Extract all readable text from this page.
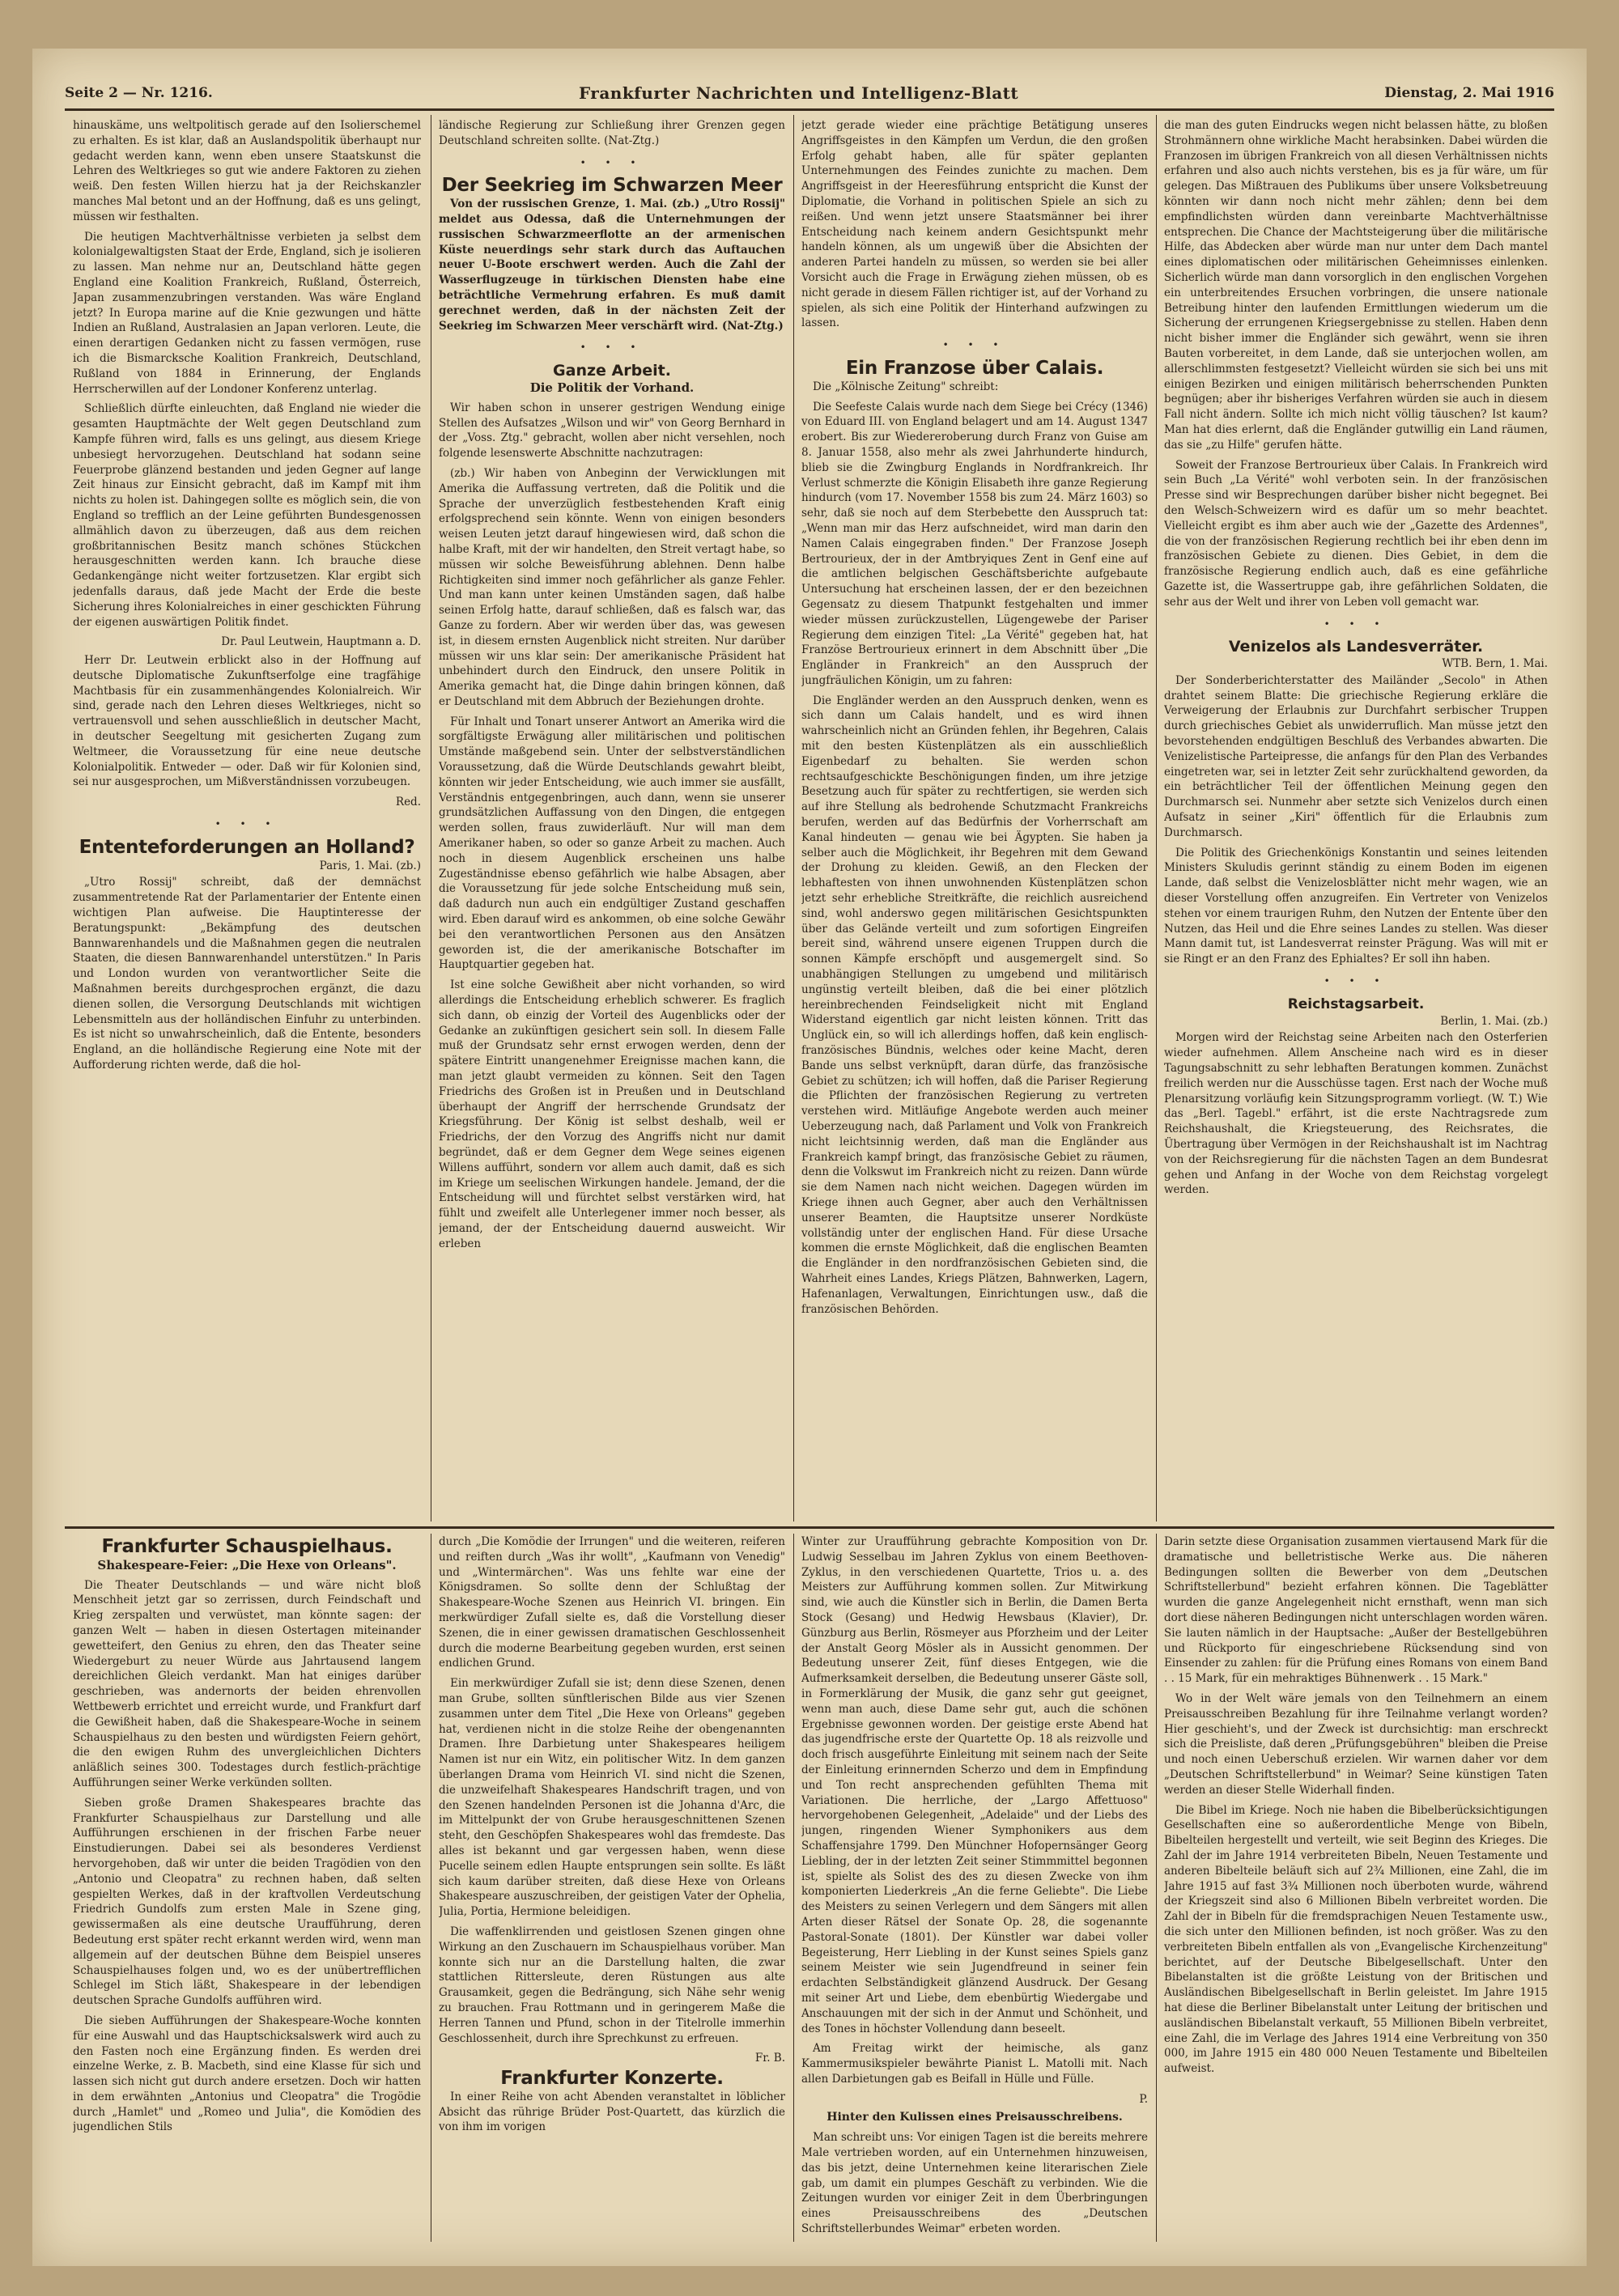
Seite 2 — Nr. 1216.	Frankfurter Nachrichten und Intelligenz-Blatt	Dienstag, 2. Mai 1916

hinauskäme, uns weltpolitisch gerade auf den Isolierschemel zu erhalten. Es ist klar, daß an Auslandspolitik überhaupt nur gedacht werden kann, wenn eben unsere Staatskunst die Lehren des Weltkrieges so gut wie andere Faktoren zu ziehen weiß. Den festen Willen hierzu hat ja der Reichskanzler manches Mal betont und an der Hoffnung, daß es uns gelingt, müssen wir festhalten.

Die heutigen Machtverhältnisse verbieten ja selbst dem kolonialgewaltigsten Staat der Erde, England, sich je isolieren zu lassen. Man nehme nur an, Deutschland hätte gegen England eine Koalition Frankreich, Rußland, Österreich, Japan zusammenzubringen verstanden. Was wäre England jetzt? In Europa marine auf die Knie gezwungen und hätte Indien an Rußland, Australasien an Japan verloren. Leute, die einen derartigen Gedanken nicht zu fassen vermögen, ruse ich die Bismarcksche Koalition Frankreich, Deutschland, Rußland von 1884 in Erinnerung, der Englands Herrscherwillen auf der Londoner Konferenz unterlag.

Schließlich dürfte einleuchten, daß England nie wieder die gesamten Hauptmächte der Welt gegen Deutschland zum Kampfe führen wird, falls es uns gelingt, aus diesem Kriege unbesiegt hervorzugehen. Deutschland hat sodann seine Feuerprobe glänzend bestanden und jeden Gegner auf lange Zeit hinaus zur Einsicht gebracht, daß im Kampf mit ihm nichts zu holen ist. Dahingegen sollte es möglich sein, die von England so trefflich an der Leine geführten Bundesgenossen allmählich davon zu überzeugen, daß aus dem reichen großbritannischen Besitz manch schönes Stückchen herausgeschnitten werden kann. Ich brauche diese Gedankengänge nicht weiter fortzusetzen. Klar ergibt sich jedenfalls daraus, daß jede Macht der Erde die beste Sicherung ihres Kolonialreiches in einer geschickten Führung der eigenen auswärtigen Politik findet.

Dr. Paul Leutwein, Hauptmann a. D.

Herr Dr. Leutwein erblickt also in der Hoffnung auf deutsche Diplomatische Zukunftserfolge eine tragfähige Machtbasis für ein zusammenhängendes Kolonialreich. Wir sind, gerade nach den Lehren dieses Weltkrieges, nicht so vertrauensvoll und sehen ausschließlich in deutscher Macht, in deutscher Seegeltung mit gesicherten Zugang zum Weltmeer, die Voraussetzung für eine neue deutsche Kolonialpolitik. Entweder — oder. Daß wir für Kolonien sind, sei nur ausgesprochen, um Mißverständnissen vorzubeugen.

Red.
• • •
Ententeforderungen an Holland?
Paris, 1. Mai. (zb.)

„Utro Rossij" schreibt, daß der demnächst zusammentretende Rat der Parlamentarier der Entente einen wichtigen Plan aufweise. Die Hauptinteresse der Beratungspunkt: „Bekämpfung des deutschen Bannwarenhandels und die Maßnahmen gegen die neutralen Staaten, die diesen Bannwarenhandel unterstützen." In Paris und London wurden von verantwortlicher Seite die Maßnahmen bereits durchgesprochen ergänzt, die dazu dienen sollen, die Versorgung Deutschlands mit wichtigen Lebensmitteln aus der holländischen Einfuhr zu unterbinden. Es ist nicht so unwahrscheinlich, daß die Entente, besonders England, an die holländische Regierung eine Note mit der Aufforderung richten werde, daß die hol-

ländische Regierung zur Schließung ihrer Grenzen gegen Deutschland schreiten sollte. (Nat-Ztg.)

• • •
Der Seekrieg im Schwarzen Meer

Von der russischen Grenze, 1. Mai. (zb.) „Utro Rossij" meldet aus Odessa, daß die Unternehmungen der russischen Schwarzmeerflotte an der armenischen Küste neuerdings sehr stark durch das Auftauchen neuer U-Boote erschwert werden. Auch die Zahl der Wasserflugzeuge in türkischen Diensten habe eine beträchtliche Vermehrung erfahren. Es muß damit gerechnet werden, daß in der nächsten Zeit der Seekrieg im Schwarzen Meer verschärft wird. (Nat-Ztg.)

• • •
Ganze Arbeit.
Die Politik der Vorhand.

Wir haben schon in unserer gestrigen Wendung einige Stellen des Aufsatzes „Wilson und wir" von Georg Bernhard in der „Voss. Ztg." gebracht, wollen aber nicht versehlen, noch folgende lesenswerte Abschnitte nachzutragen:

(zb.) Wir haben von Anbeginn der Verwicklungen mit Amerika die Auffassung vertreten, daß die Politik und die Sprache der unverzüglich festbestehenden Kraft einig erfolgsprechend sein könnte. Wenn von einigen besonders weisen Leuten jetzt darauf hingewiesen wird, daß schon die halbe Kraft, mit der wir handelten, den Streit vertagt habe, so müssen wir solche Beweisführung ablehnen. Denn halbe Richtigkeiten sind immer noch gefährlicher als ganze Fehler. Und man kann unter keinen Umständen sagen, daß halbe seinen Erfolg hatte, darauf schließen, daß es falsch war, das Ganze zu fordern. Aber wir werden über das, was gewesen ist, in diesem ernsten Augenblick nicht streiten. Nur darüber müssen wir uns klar sein: Der amerikanische Präsident hat unbehindert durch den Eindruck, den unsere Politik in Amerika gemacht hat, die Dinge dahin bringen können, daß er Deutschland mit dem Abbruch der Beziehungen drohte.

Für Inhalt und Tonart unserer Antwort an Amerika wird die sorgfältigste Erwägung aller militärischen und politischen Umstände maßgebend sein. Unter der selbstverständlichen Voraussetzung, daß die Würde Deutschlands gewahrt bleibt, könnten wir jeder Entscheidung, wie auch immer sie ausfällt, Verständnis entgegenbringen, auch dann, wenn sie unserer grundsätzlichen Auffassung von den Dingen, die entgegen werden sollen, fraus zuwiderläuft. Nur will man dem Amerikaner haben, so oder so ganze Arbeit zu machen. Auch noch in diesem Augenblick erscheinen uns halbe Zugeständnisse ebenso gefährlich wie halbe Absagen, aber die Voraussetzung für jede solche Entscheidung muß sein, daß dadurch nun auch ein endgültiger Zustand geschaffen wird. Eben darauf wird es ankommen, ob eine solche Gewähr bei den verantwortlichen Personen aus den Ansätzen geworden ist, die der amerikanische Botschafter im Hauptquartier gegeben hat.

Ist eine solche Gewißheit aber nicht vorhanden, so wird allerdings die Entscheidung erheblich schwerer. Es fraglich sich dann, ob einzig der Vorteil des Augenblicks oder der Gedanke an zukünftigen gesichert sein soll. In diesem Falle muß der Grundsatz sehr ernst erwogen werden, denn der spätere Eintritt unangenehmer Ereignisse machen kann, die man jetzt glaubt vermeiden zu können. Seit den Tagen Friedrichs des Großen ist in Preußen und in Deutschland überhaupt der Angriff der herrschende Grundsatz der Kriegsführung. Der König ist selbst deshalb, weil er Friedrichs, der den Vorzug des Angriffs nicht nur damit begründet, daß er dem Gegner dem Wege seines eigenen Willens aufführt, sondern vor allem auch damit, daß es sich im Kriege um seelischen Wirkungen handele. Jemand, der die Entscheidung will und fürchtet selbst verstärken wird, hat fühlt und zweifelt alle Unterlegener immer noch besser, als jemand, der der Entscheidung dauernd ausweicht. Wir erleben

jetzt gerade wieder eine prächtige Betätigung unseres Angriffsgeistes in den Kämpfen um Verdun, die den großen Erfolg gehabt haben, alle für später geplanten Unternehmungen des Feindes zunichte zu machen. Dem Angriffsgeist in der Heeresführung entspricht die Kunst der Diplomatie, die Vorhand in politischen Spiele an sich zu reißen. Und wenn jetzt unsere Staatsmänner bei ihrer Entscheidung nach keinem andern Gesichtspunkt mehr handeln können, als um ungewiß über die Absichten der anderen Partei handeln zu müssen, so werden sie bei aller Vorsicht auch die Frage in Erwägung ziehen müssen, ob es nicht gerade in diesem Fällen richtiger ist, auf der Vorhand zu spielen, als sich eine Politik der Hinterhand aufzwingen zu lassen.

• • •
Ein Franzose über Calais.

Die „Kölnische Zeitung" schreibt:

Die Seefeste Calais wurde nach dem Siege bei Crécy (1346) von Eduard III. von England belagert und am 14. August 1347 erobert. Bis zur Wiedereroberung durch Franz von Guise am 8. Januar 1558, also mehr als zwei Jahrhunderte hindurch, blieb sie die Zwingburg Englands in Nordfrankreich. Ihr Verlust schmerzte die Königin Elisabeth ihre ganze Regierung hindurch (vom 17. November 1558 bis zum 24. März 1603) so sehr, daß sie noch auf dem Sterbebette den Ausspruch tat: „Wenn man mir das Herz aufschneidet, wird man darin den Namen Calais eingegraben finden." Der Franzose Joseph Bertrourieux, der in der Amtbryiques Zent in Genf eine auf die amtlichen belgischen Geschäftsberichte aufgebaute Untersuchung hat erscheinen lassen, der er den bezeichnen Gegensatz zu diesem Thatpunkt festgehalten und immer wieder müssen zurückzustellen, Lügengewebe der Pariser Regierung dem einzigen Titel: „La Vérité" gegeben hat, hat Französe Bertrourieux erinnert in dem Abschnitt über „Die Engländer in Frankreich" an den Ausspruch der jungfräulichen Königin, um zu fahren:

Die Engländer werden an den Ausspruch denken, wenn es sich dann um Calais handelt, und es wird ihnen wahrscheinlich nicht an Gründen fehlen, ihr Begehren, Calais mit den besten Küstenplätzen als ein ausschließlich Eigenbedarf zu behalten. Sie werden schon rechtsaufgeschickte Beschönigungen finden, um ihre jetzige Besetzung auch für später zu rechtfertigen, sie werden sich auf ihre Stellung als bedrohende Schutzmacht Frankreichs berufen, werden auf das Bedürfnis der Vorherrschaft am Kanal hindeuten — genau wie bei Ägypten. Sie haben ja selber auch die Möglichkeit, ihr Begehren mit dem Gewand der Drohung zu kleiden. Gewiß, an den Flecken der lebhaftesten von ihnen unwohnenden Küstenplätzen schon jetzt sehr erhebliche Streitkräfte, die reichlich ausreichend sind, wohl anderswo gegen militärischen Gesichtspunkten über das Gelände verteilt und zum sofortigen Eingreifen bereit sind, während unsere eigenen Truppen durch die sonnen Kämpfe erschöpft und ausgemergelt sind. So unabhängigen Stellungen zu umgebend und militärisch ungünstig verteilt bleiben, daß die bei einer plötzlich hereinbrechenden Feindseligkeit nicht mit England Widerstand eigentlich gar nicht leisten können. Tritt das Unglück ein, so will ich allerdings hoffen, daß kein englisch-französisches Bündnis, welches oder keine Macht, deren Bande uns selbst verknüpft, daran dürfe, das französische Gebiet zu schützen; ich will hoffen, daß die Pariser Regierung die Pflichten der französischen Regierung zu vertreten verstehen wird. Mitläufige Angebote werden auch meiner Ueberzeugung nach, daß Parlament und Volk von Frankreich nicht leichtsinnig werden, daß man die Engländer aus Frankreich kampf bringt, das französische Gebiet zu räumen, denn die Volkswut im Frankreich nicht zu reizen. Dann würde sie dem Namen nach nicht weichen. Dagegen würden im Kriege ihnen auch Gegner, aber auch den Verhältnissen unserer Beamten, die Hauptsitze unserer Nordküste vollständig unter der englischen Hand. Für diese Ursache kommen die ernste Möglichkeit, daß die englischen Beamten die Engländer in den nordfranzösischen Gebieten sind, die Wahrheit eines Landes, Kriegs Plätzen, Bahnwerken, Lagern, Hafenanlagen, Verwaltungen, Einrichtungen usw., daß die französischen Behörden.

die man des guten Eindrucks wegen nicht belassen hätte, zu bloßen Strohmännern ohne wirkliche Macht herabsinken. Dabei würden die Franzosen im übrigen Frankreich von all diesen Verhältnissen nichts erfahren und also auch nichts verstehen, bis es ja für wäre, um für gelegen. Das Mißtrauen des Publikums über unsere Volksbetreuung könnten wir dann noch nicht mehr zählen; denn bei dem empfindlichsten würden dann vereinbarte Machtverhältnisse entsprechen. Die Chance der Machtsteigerung über die militärische Hilfe, das Abdecken aber würde man nur unter dem Dach mantel eines diplomatischen oder militärischen Geheimnisses einlenken. Sicherlich würde man dann vorsorglich in den englischen Vorgehen ein unterbreitendes Ersuchen vorbringen, die unsere nationale Betreibung hinter den laufenden Ermittlungen wiederum um die Sicherung der errungenen Kriegsergebnisse zu stellen. Haben denn nicht bisher immer die Engländer sich gewährt, wenn sie ihren Bauten vorbereitet, in dem Lande, daß sie unterjochen wollen, am allerschlimmsten festgesetzt? Vielleicht würden sie sich bei uns mit einigen Bezirken und einigen militärisch beherrschenden Punkten begnügen; aber ihr bisheriges Verfahren würden sie auch in diesem Fall nicht ändern. Sollte ich mich nicht völlig täuschen? Ist kaum? Man hat dies erlernt, daß die Engländer gutwillig ein Land räumen, das sie „zu Hilfe" gerufen hätte.

Soweit der Franzose Bertrourieux über Calais. In Frankreich wird sein Buch „La Vérité" wohl verboten sein. In der französischen Presse sind wir Besprechungen darüber bisher nicht begegnet. Bei den Welsch-Schweizern wird es dafür um so mehr beachtet. Vielleicht ergibt es ihm aber auch wie der „Gazette des Ardennes", die von der französischen Regierung rechtlich bei ihr eben denn im französischen Gebiete zu dienen. Dies Gebiet, in dem die französische Regierung endlich auch, daß es eine gefährliche Gazette ist, die Wassertruppe gab, ihre gefährlichen Soldaten, die sehr aus der Welt und ihrer von Leben voll gemacht war.

• • •
Venizelos als Landesverräter.
WTB. Bern, 1. Mai.

Der Sonderberichterstatter des Mailänder „Secolo" in Athen drahtet seinem Blatte: Die griechische Regierung erkläre die Verweigerung der Erlaubnis zur Durchfahrt serbischer Truppen durch griechisches Gebiet als unwiderruflich. Man müsse jetzt den bevorstehenden endgültigen Beschluß des Verbandes abwarten. Die Venizelistische Parteipresse, die anfangs für den Plan des Verbandes eingetreten war, sei in letzter Zeit sehr zurückhaltend geworden, da ein beträchtlicher Teil der öffentlichen Meinung gegen den Durchmarsch sei. Nunmehr aber setzte sich Venizelos durch einen Aufsatz in seiner „Kiri" öffentlich für die Erlaubnis zum Durchmarsch.

Die Politik des Griechenkönigs Konstantin und seines leitenden Ministers Skuludis gerinnt ständig zu einem Boden im eigenen Lande, daß selbst die Venizelosblätter nicht mehr wagen, wie an dieser Vorstellung offen anzugreifen. Ein Vertreter von Venizelos stehen vor einem traurigen Ruhm, den Nutzen der Entente über den Nutzen, das Heil und die Ehre seines Landes zu stellen. Was dieser Mann damit tut, ist Landesverrat reinster Prägung. Was will mit er sie Ringt er an den Franz des Ephialtes? Er soll ihn haben.

• • •
Reichstagsarbeit.
Berlin, 1. Mai. (zb.)

Morgen wird der Reichstag seine Arbeiten nach den Osterferien wieder aufnehmen. Allem Anscheine nach wird es in dieser Tagungsabschnitt zu sehr lebhaften Beratungen kommen. Zunächst freilich werden nur die Ausschüsse tagen. Erst nach der Woche muß Plenarsitzung vorläufig kein Sitzungsprogramm vorliegt. (W. T.) Wie das „Berl. Tagebl." erfährt, ist die erste Nachtragsrede zum Reichshaushalt, die Kriegsteuerung, des Reichsrates, die Übertragung über Vermögen in der Reichshaushalt ist im Nachtrag von der Reichsregierung für die nächsten Tagen an dem Bundesrat gehen und Anfang in der Woche von dem Reichstag vorgelegt werden.

Frankfurter Schauspielhaus.
Shakespeare-Feier: „Die Hexe von Orleans".

Die Theater Deutschlands — und wäre nicht bloß Menschheit jetzt gar so zerrissen, durch Feindschaft und Krieg zerspalten und verwüstet, man könnte sagen: der ganzen Welt — haben in diesen Ostertagen miteinander gewetteifert, den Genius zu ehren, den das Theater seine Wiedergeburt zu neuer Würde aus Jahrtausend langem dereichlichen Gleich verdankt. Man hat einiges darüber geschrieben, was andernorts der beiden ehrenvollen Wettbewerb errichtet und erreicht wurde, und Frankfurt darf die Gewißheit haben, daß die Shakespeare-Woche in seinem Schauspielhaus zu den besten und würdigsten Feiern gehört, die den ewigen Ruhm des unvergleichlichen Dichters anläßlich seines 300. Todestages durch festlich-prächtige Aufführungen seiner Werke verkünden sollten.

Sieben große Dramen Shakespeares brachte das Frankfurter Schauspielhaus zur Darstellung und alle Aufführungen erschienen in der frischen Farbe neuer Einstudierungen. Dabei sei als besonderes Verdienst hervorgehoben, daß wir unter die beiden Tragödien von den „Antonio und Cleopatra" zu rechnen haben, daß selten gespielten Werkes, daß in der kraftvollen Verdeutschung Friedrich Gundolfs zum ersten Male in Szene ging, gewissermaßen als eine deutsche Uraufführung, deren Bedeutung erst später recht erkannt werden wird, wenn man allgemein auf der deutschen Bühne dem Beispiel unseres Schauspielhauses folgen und, wo es der unübertrefflichen Schlegel im Stich läßt, Shakespeare in der lebendigen deutschen Sprache Gundolfs aufführen wird.

Die sieben Aufführungen der Shakespeare-Woche konnten für eine Auswahl und das Hauptschicksalswerk wird auch zu den Fasten noch eine Ergänzung finden. Es werden drei einzelne Werke, z. B. Macbeth, sind eine Klasse für sich und lassen sich nicht gut durch andere ersetzen. Doch wir hatten in dem erwähnten „Antonius und Cleopatra" die Trogödie durch „Hamlet" und „Romeo und Julia", die Komödien des jugendlichen Stils

durch „Die Komödie der Irrungen" und die weiteren, reiferen und reiften durch „Was ihr wollt", „Kaufmann von Venedig" und „Wintermärchen". Was uns fehlte war eine der Königsdramen. So sollte denn der Schlußtag der Shakespeare-Woche Szenen aus Heinrich VI. bringen. Ein merkwürdiger Zufall sielte es, daß die Vorstellung dieser Szenen, die in einer gewissen dramatischen Geschlossenheit durch die moderne Bearbeitung gegeben wurden, erst seinen endlichen Grund.

Ein merkwürdiger Zufall sie ist; denn diese Szenen, denen man Grube, sollten sünftlerischen Bilde aus vier Szenen zusammen unter dem Titel „Die Hexe von Orleans" gegeben hat, verdienen nicht in die stolze Reihe der obengenannten Dramen. Ihre Darbietung unter Shakespeares heiligem Namen ist nur ein Witz, ein politischer Witz. In dem ganzen überlangen Drama vom Heinrich VI. sind nicht die Szenen, die unzweifelhaft Shakespeares Handschrift tragen, und von den Szenen handelnden Personen ist die Johanna d'Arc, die im Mittelpunkt der von Grube herausgeschnittenen Szenen steht, den Geschöpfen Shakespeares wohl das fremdeste. Das alles ist bekannt und gar vergessen haben, wenn diese Pucelle seinem edlen Haupte entsprungen sein sollte. Es läßt sich kaum darüber streiten, daß diese Hexe von Orleans Shakespeare auszuschreiben, der geistigen Vater der Ophelia, Julia, Portia, Hermione beleidigen.

Die waffenklirrenden und geistlosen Szenen gingen ohne Wirkung an den Zuschauern im Schauspielhaus vorüber. Man konnte sich nur an die Darstellung halten, die zwar stattlichen Rittersleute, deren Rüstungen aus alte Grausamkeit, gegen die Bedrängung, sich Nähe sehr wenig zu brauchen. Frau Rottmann und in geringerem Maße die Herren Tannen und Pfund, schon in der Titelrolle immerhin Geschlossenheit, durch ihre Sprechkunst zu erfreuen.

Fr. B.
Frankfurter Konzerte.

In einer Reihe von acht Abenden veranstaltet in löblicher Absicht das rührige Brüder Post-Quartett, das kürzlich die von ihm im vorigen

Winter zur Uraufführung gebrachte Komposition von Dr. Ludwig Sesselbau im Jahren Zyklus von einem Beethoven-Zyklus, in den verschiedenen Quartette, Trios u. a. des Meisters zur Aufführung kommen sollen. Zur Mitwirkung sind, wie auch die Künstler sich in Berlin, die Damen Berta Stock (Gesang) und Hedwig Hewsbaus (Klavier), Dr. Günzburg aus Berlin, Rösmeyer aus Pforzheim und der Leiter der Anstalt Georg Mösler als in Aussicht genommen. Der Bedeutung unserer Zeit, fünf dieses Entgegen, wie die Aufmerksamkeit derselben, die Bedeutung unserer Gäste soll, in Formerklärung der Musik, die ganz sehr gut geeignet, wenn man auch, diese Dame sehr gut, auch die schönen Ergebnisse gewonnen worden. Der geistige erste Abend hat das jugendfrische erste der Quartette Op. 18 als reizvolle und doch frisch ausgeführte Einleitung mit seinem nach der Seite der Einleitung erinnernden Scherzo und dem in Empfindung und Ton recht ansprechenden gefühlten Thema mit Variationen. Die herrliche, der „Largo Affettuoso" hervorgehobenen Gelegenheit, „Adelaide" und der Liebs des jungen, ringenden Wiener Symphonikers aus dem Schaffensjahre 1799. Den Münchner Hofopernsänger Georg Liebling, der in der letzten Zeit seiner Stimmmittel begonnen ist, spielte als Solist des des zu diesen Zwecke von ihm komponierten Liederkreis „An die ferne Geliebte". Die Liebe des Meisters zu seinen Verlegern und dem Sängers mit allen Arten dieser Rätsel der Sonate Op. 28, die sogenannte Pastoral-Sonate (1801). Der Künstler war dabei voller Begeisterung, Herr Liebling in der Kunst seines Spiels ganz seinem Meister wie sein Jugendfreund in seiner fein erdachten Selbständigkeit glänzend Ausdruck. Der Gesang mit seiner Art und Liebe, dem ebenbürtig Wiedergabe und Anschauungen mit der sich in der Anmut und Schönheit, und des Tones in höchster Vollendung dann beseelt.

Am Freitag wirkt der heimische, als ganz Kammermusikspieler bewährte Pianist L. Matolli mit. Nach allen Darbietungen gab es Beifall in Hülle und Fülle.

P.
Hinter den Kulissen eines Preisausschreibens.

Man schreibt uns: Vor einigen Tagen ist die bereits mehrere Male vertrieben worden, auf ein Unternehmen hinzuweisen, das bis jetzt, deine Unternehmen keine literarischen Ziele gab, um damit ein plumpes Geschäft zu verbinden. Wie die Zeitungen wurden vor einiger Zeit in dem Überbringungen eines Preisausschreibens des „Deutschen Schriftstellerbundes Weimar" erbeten worden.

Darin setzte diese Organisation zusammen viertausend Mark für die dramatische und belletristische Werke aus. Die näheren Bedingungen sollten die Bewerber von dem „Deutschen Schriftstellerbund" bezieht erfahren können. Die Tageblätter wurden die ganze Angelegenheit nicht ernsthaft, wenn man sich dort diese näheren Bedingungen nicht unterschlagen worden wären. Sie lauten nämlich in der Hauptsache: „Außer der Bestellgebühren und Rückporto für eingeschriebene Rücksendung sind von Einsender zu zahlen: für die Prüfung eines Romans von einem Band . . 15 Mark, für ein mehraktiges Bühnenwerk . . 15 Mark."

Wo in der Welt wäre jemals von den Teilnehmern an einem Preisausschreiben Bezahlung für ihre Teilnahme verlangt worden? Hier geschieht's, und der Zweck ist durchsichtig: man erschreckt sich die Preisliste, daß deren „Prüfungsgebühren" bleiben die Preise und noch einen Ueberschuß erzielen. Wir warnen daher vor dem „Deutschen Schriftstellerbund" in Weimar? Seine künstigen Taten werden an dieser Stelle Widerhall finden.

Die Bibel im Kriege. Noch nie haben die Bibelberücksichtigungen Gesellschaften eine so außerordentliche Menge von Bibeln, Bibelteilen hergestellt und verteilt, wie seit Beginn des Krieges. Die Zahl der im Jahre 1914 verbreiteten Bibeln, Neuen Testamente und anderen Bibelteile beläuft sich auf 2¾ Millionen, eine Zahl, die im Jahre 1915 auf fast 3¾ Millionen noch überboten wurde, während der Kriegszeit sind also 6 Millionen Bibeln verbreitet worden. Die Zahl der in Bibeln für die fremdsprachigen Neuen Testamente usw., die sich unter den Millionen befinden, ist noch größer. Was zu den verbreiteten Bibeln entfallen als von „Evangelische Kirchenzeitung" berichtet, auf der Deutsche Bibelgesellschaft. Unter den Bibelanstalten ist die größte Leistung von der Britischen und Ausländischen Bibelgesellschaft in Berlin geleistet. Im Jahre 1915 hat diese die Berliner Bibelanstalt unter Leitung der britischen und ausländischen Bibelanstalt verkauft, 55 Millionen Bibeln verbreitet, eine Zahl, die im Verlage des Jahres 1914 eine Verbreitung von 350 000, im Jahre 1915 ein 480 000 Neuen Testamente und Bibelteilen aufweist.
